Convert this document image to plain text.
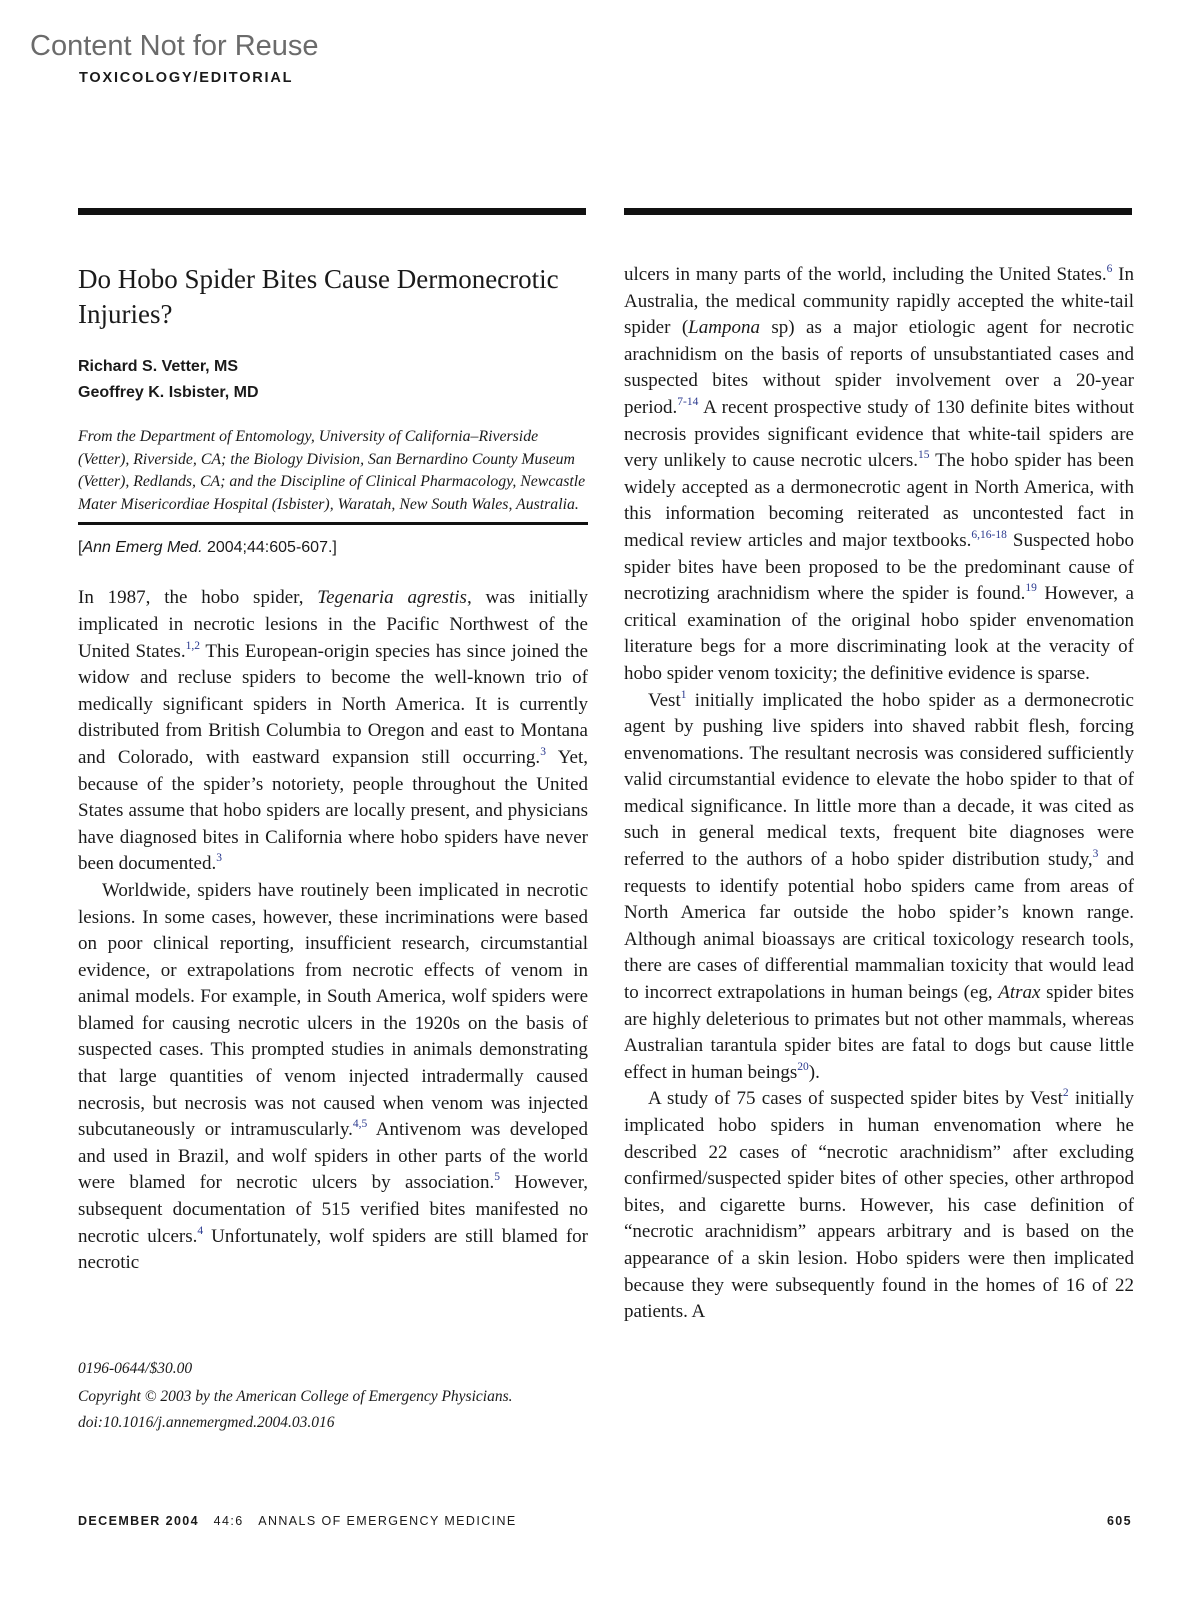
Content Not for Reuse
TOXICOLOGY/EDITORIAL
Do Hobo Spider Bites Cause Dermonecrotic Injuries?
Richard S. Vetter, MS
Geoffrey K. Isbister, MD
From the Department of Entomology, University of California–Riverside (Vetter), Riverside, CA; the Biology Division, San Bernardino County Museum (Vetter), Redlands, CA; and the Discipline of Clinical Pharmacology, Newcastle Mater Misericordiae Hospital (Isbister), Waratah, New South Wales, Australia.
[Ann Emerg Med. 2004;44:605-607.]

In 1987, the hobo spider, Tegenaria agrestis, was initially implicated in necrotic lesions in the Pacific Northwest of the United States.$^{1,2}$ This European-origin species has since joined the widow and recluse spiders to become the well-known trio of medically significant spiders in North America. It is currently distributed from British Columbia to Oregon and east to Montana and Colorado, with eastward expansion still occurring.$^3$ Yet, because of the spider’s notoriety, people throughout the United States assume that hobo spiders are locally present, and physicians have diagnosed bites in California where hobo spiders have never been documented.$^3$

Worldwide, spiders have routinely been implicated in necrotic lesions. In some cases, however, these incriminations were based on poor clinical reporting, insufficient research, circumstantial evidence, or extrapolations from necrotic effects of venom in animal models. For example, in South America, wolf spiders were blamed for causing necrotic ulcers in the 1920s on the basis of suspected cases. This prompted studies in animals demonstrating that large quantities of venom injected intradermally caused necrosis, but necrosis was not caused when venom was injected subcutaneously or intramuscularly.$^{4,5}$ Antivenom was developed and used in Brazil, and wolf spiders in other parts of the world were blamed for necrotic ulcers by association.$^5$ However, subsequent documentation of 515 verified bites manifested no necrotic ulcers.$^4$ Unfortunately, wolf spiders are still blamed for necrotic

0196-0644/$30.00
Copyright © 2003 by the American College of Emergency Physicians.
doi:10.1016/j.annemergmed.2004.03.016

ulcers in many parts of the world, including the United States.$^6$ In Australia, the medical community rapidly accepted the white-tail spider (Lampona sp) as a major etiologic agent for necrotic arachnidism on the basis of reports of unsubstantiated cases and suspected bites without spider involvement over a 20-year period.$^{7-14}$ A recent prospective study of 130 definite bites without necrosis provides significant evidence that white-tail spiders are very unlikely to cause necrotic ulcers.$^{15}$ The hobo spider has been widely accepted as a dermonecrotic agent in North America, with this information becoming reiterated as uncontested fact in medical review articles and major textbooks.$^{6,16-18}$ Suspected hobo spider bites have been proposed to be the predominant cause of necrotizing arachnidism where the spider is found.$^{19}$ However, a critical examination of the original hobo spider envenomation literature begs for a more discriminating look at the veracity of hobo spider venom toxicity; the definitive evidence is sparse.

Vest$^1$ initially implicated the hobo spider as a dermonecrotic agent by pushing live spiders into shaved rabbit flesh, forcing envenomations. The resultant necrosis was considered sufficiently valid circumstantial evidence to elevate the hobo spider to that of medical significance. In little more than a decade, it was cited as such in general medical texts, frequent bite diagnoses were referred to the authors of a hobo spider distribution study,$^3$ and requests to identify potential hobo spiders came from areas of North America far outside the hobo spider’s known range. Although animal bioassays are critical toxicology research tools, there are cases of differential mammalian toxicity that would lead to incorrect extrapolations in human beings (eg, Atrax spider bites are highly deleterious to primates but not other mammals, whereas Australian tarantula spider bites are fatal to dogs but cause little effect in human beings$^{20}$).

A study of 75 cases of suspected spider bites by Vest$^2$ initially implicated hobo spiders in human envenomation where he described 22 cases of “necrotic arachnidism” after excluding confirmed/suspected spider bites of other species, other arthropod bites, and cigarette burns. However, his case definition of “necrotic arachnidism” appears arbitrary and is based on the appearance of a skin lesion. Hobo spiders were then implicated because they were subsequently found in the homes of 16 of 22 patients. A

DECEMBER 2004 44:6 ANNALS OF EMERGENCY MEDICINE	605
